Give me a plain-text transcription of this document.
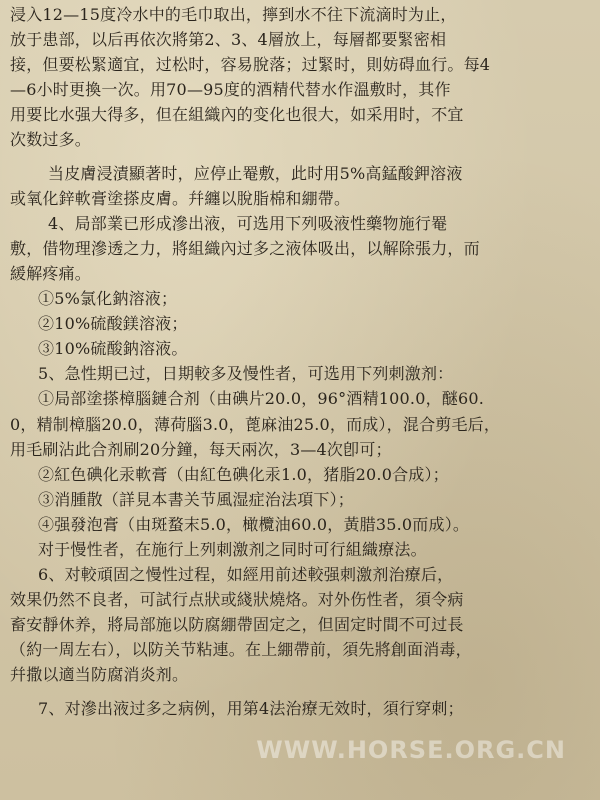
浸入12—15度冷水中的毛巾取出，擰到水不往下流滴时为止，
放于患部，以后再依次將第2、3、4層放上，每層都要緊密相
接，但要松緊適宜，过松时，容易脫落；过緊时，則妨碍血行。每4
—6小时更換一次。用70—95度的酒精代替水作溫敷时，其作
用要比水强大得多，但在組織內的变化也很大，如采用时，不宜
次数过多。
当皮膚浸漬顯著时，应停止罨敷，此时用5%高錳酸鉀溶液
或氧化鋅軟膏塗搽皮膚。幷纏以脫脂棉和綳帶。
4、局部業已形成滲出液，可选用下列吸液性藥物施行罨
敷，借物理滲透之力，將組織內过多之液体吸出，以解除張力，而
緩解疼痛。
①5%氯化鈉溶液；
②10%硫酸鎂溶液；
③10%硫酸鈉溶液。
5、急性期已过，日期較多及慢性者，可选用下列刺激剂：
①局部塗搽樟腦鏈合剂（由碘片20.0，96°酒精100.0，醚60.
0，精制樟腦20.0，薄荷腦3.0，蓖麻油25.0，而成），混合剪毛后，
用毛刷沾此合剂刷20分鐘，每天兩次，3—4次卽可；
②紅色碘化汞軟膏（由紅色碘化汞1.0，猪脂20.0合成）；
③消腫散（詳見本書关节風湿症治法項下）；
④强發泡膏（由斑蝥末5.0，橄欖油60.0，黃腊35.0而成）。
对于慢性者，在施行上列刺激剂之同时可行組織療法。
6、对較頑固之慢性过程，如經用前述較强刺激剂治療后，
效果仍然不良者，可試行点狀或綫狀燒烙。对外伤性者，須令病
畜安靜休养，將局部施以防腐綳帶固定之，但固定时間不可过長
（約一周左右），以防关节粘連。在上綳帶前，須先將創面消毒，
幷撒以適当防腐消炎剂。
7、对滲出液过多之病例，用第4法治療无效时，須行穿刺；
WWW.HORSE.ORG.CN
